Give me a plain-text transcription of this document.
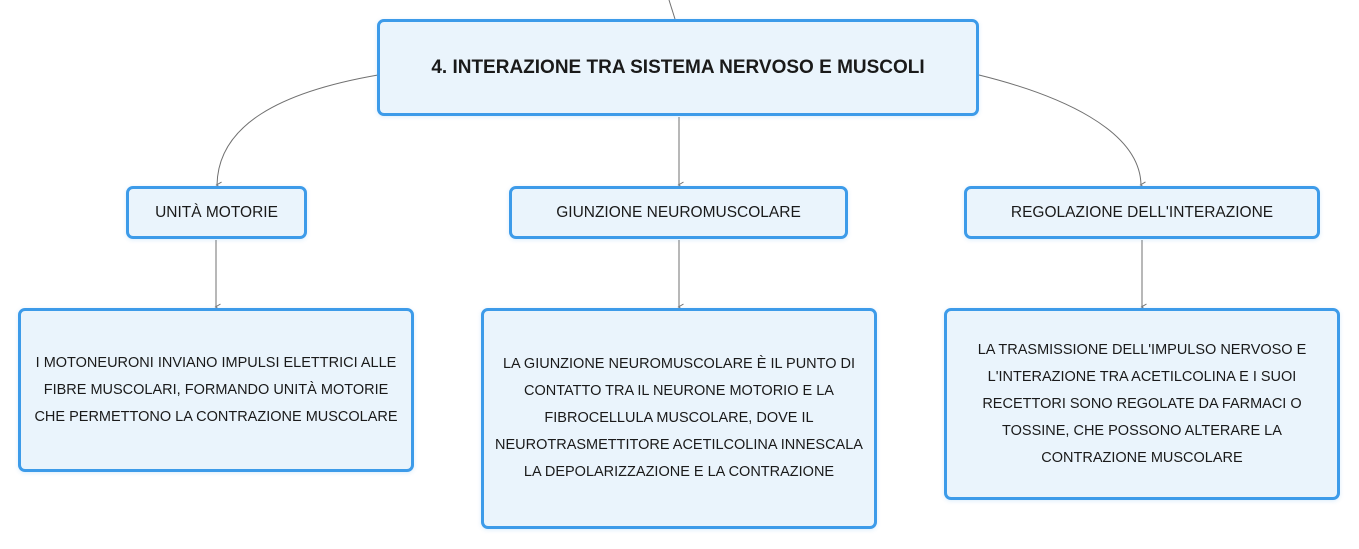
4. INTERAZIONE TRA SISTEMA NERVOSO E MUSCOLI
UNITÀ MOTORIE	GIUNZIONE NEUROMUSCOLARE	REGOLAZIONE DELL'INTERAZIONE
I MOTONEURONI INVIANO IMPULSI ELETTRICI ALLE FIBRE MUSCOLARI, FORMANDO UNITÀ MOTORIE CHE PERMETTONO LA CONTRAZIONE MUSCOLARE
LA GIUNZIONE NEUROMUSCOLARE È IL PUNTO DI CONTATTO TRA IL NEURONE MOTORIO E LA FIBROCELLULA MUSCOLARE, DOVE IL NEUROTRASMETTITORE ACETILCOLINA INNESCALA LA DEPOLARIZZAZIONE E LA CONTRAZIONE
LA TRASMISSIONE DELL'IMPULSO NERVOSO E L'INTERAZIONE TRA ACETILCOLINA E I SUOI RECETTORI SONO REGOLATE DA FARMACI O TOSSINE, CHE POSSONO ALTERARE LA CONTRAZIONE MUSCOLARE
